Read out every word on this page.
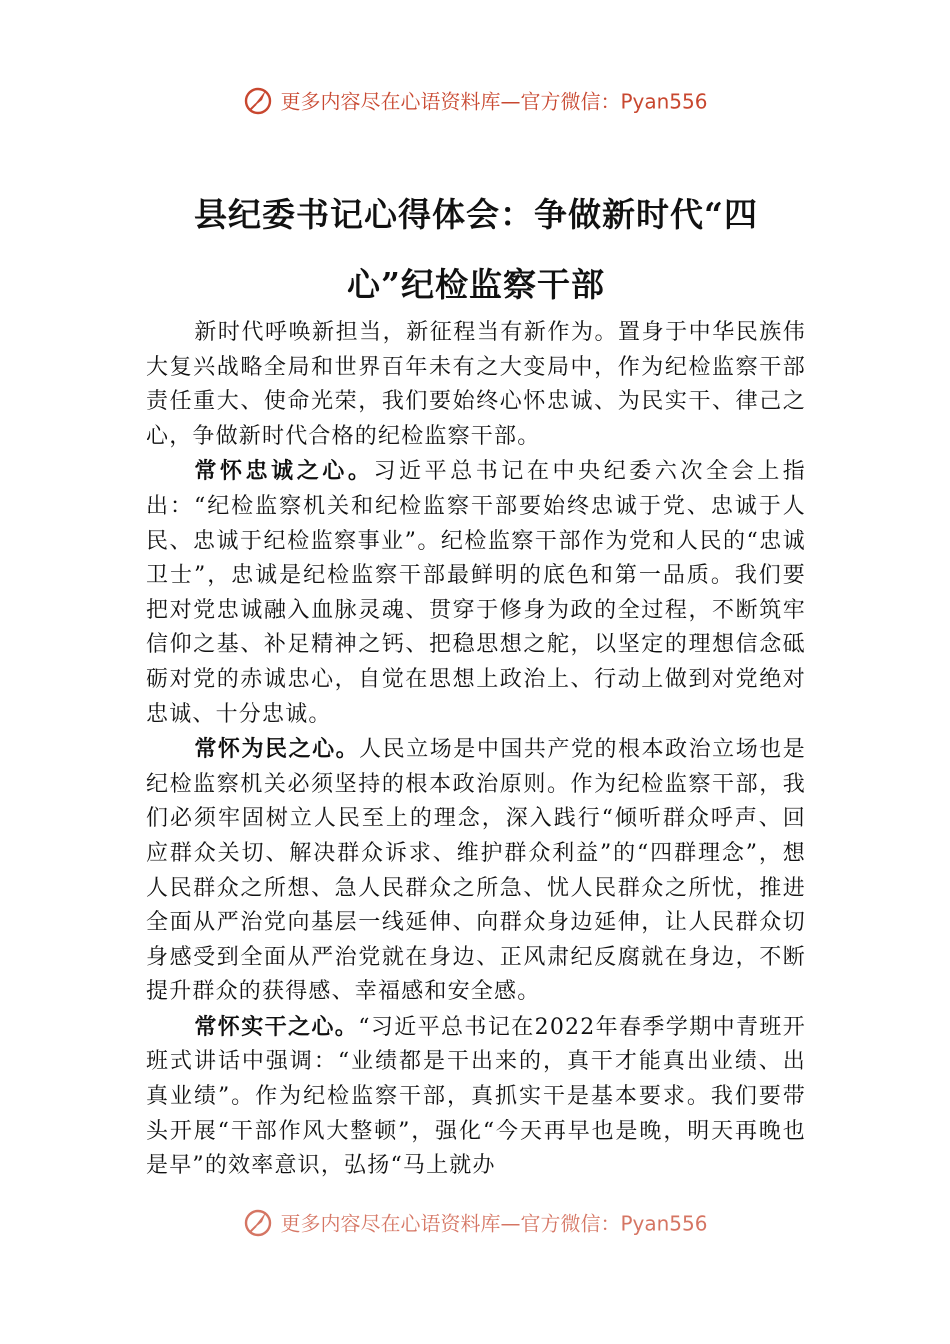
更多内容尽在心语资料库—官方微信：Pyan556
县纪委书记心得体会：争做新时代“四
心”纪检监察干部

新时代呼唤新担当，新征程当有新作为。置身于中华民族伟大复兴战略全局和世界百年未有之大变局中，作为纪检监察干部责任重大、使命光荣，我们要始终心怀忠诚、为民实干、律己之心，争做新时代合格的纪检监察干部。

常怀忠诚之心。习近平总书记在中央纪委六次全会上指出：“纪检监察机关和纪检监察干部要始终忠诚于党、忠诚于人民、忠诚于纪检监察事业”。纪检监察干部作为党和人民的“忠诚卫士”，忠诚是纪检监察干部最鲜明的底色和第一品质。我们要把对党忠诚融入血脉灵魂、贯穿于修身为政的全过程，不断筑牢信仰之基、补足精神之钙、把稳思想之舵，以坚定的理想信念砥砺对党的赤诚忠心，自觉在思想上政治上、行动上做到对党绝对忠诚、十分忠诚。

常怀为民之心。人民立场是中国共产党的根本政治立场也是纪检监察机关必须坚持的根本政治原则。作为纪检监察干部，我们必须牢固树立人民至上的理念，深入践行“倾听群众呼声、回应群众关切、解决群众诉求、维护群众利益”的“四群理念”，想人民群众之所想、急人民群众之所急、忧人民群众之所忧，推进全面从严治党向基层一线延伸、向群众身边延伸，让人民群众切身感受到全面从严治党就在身边、正风肃纪反腐就在身边，不断提升群众的获得感、幸福感和安全感。

常怀实干之心。“习近平总书记在2022年春季学期中青班开班式讲话中强调：“业绩都是干出来的，真干才能真出业绩、出真业绩”。作为纪检监察干部，真抓实干是基本要求。我们要带头开展“干部作风大整顿”，强化“今天再早也是晚，明天再晚也是早”的效率意识，弘扬“马上就办

更多内容尽在心语资料库—官方微信：Pyan556
